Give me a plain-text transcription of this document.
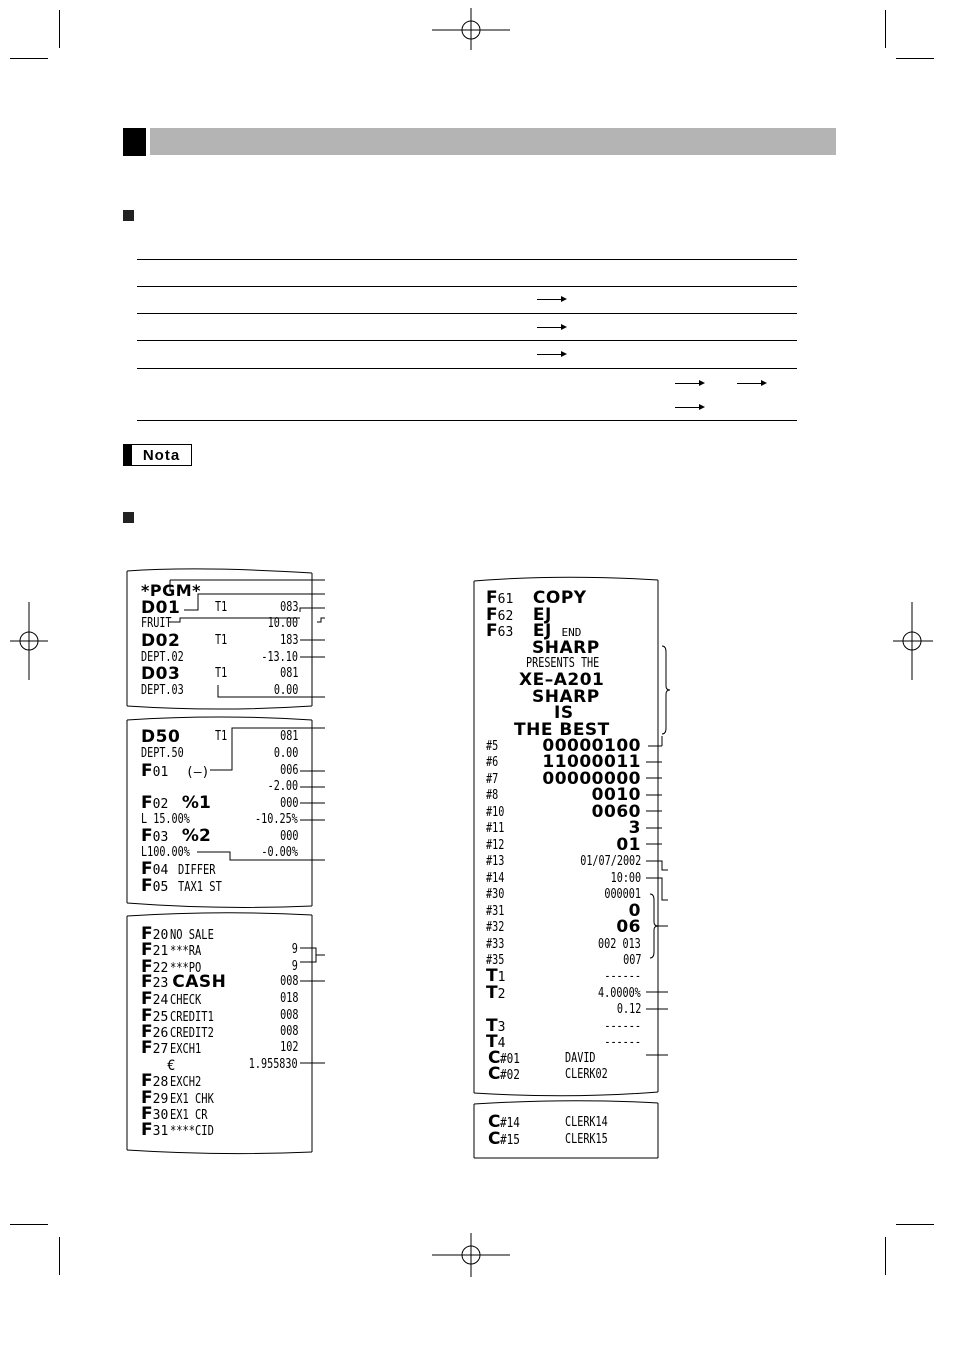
Nota
*PGM*
D01	T1	083
FRUIT	10.00
D02	T1	183
DEPT.02	-13.10
D03	T1	081
DEPT.03	0.00
D50	T1	081
DEPT.50	0.00
F01 (–)	006
-2.00
F02 %1	000
L 15.00%	-10.25%
F03 %2	000
L100.00%	-0.00%
F04 DIFFER
F05 TAX1 ST
F20 NO SALE
F21 ***RA	9
F22 ***PO	9
F23 CASH	008
F24 CHECK	018
F25 CREDIT1	008
F26 CREDIT2	008
F27 EXCH1	102
€	1.955830
F28 EXCH2
F29 EX1 CHK
F30 EX1 CR
F31 ****CID
F61 COPY
F62 EJ
F63 EJ END
SHARP
PRESENTS THE
XE–A201
SHARP
IS
THE BEST
#5	00000100
#6	11000011
#7	00000000
#8	0010
#10	0060
#11	3
#12	01
#13	01/07/2002
#14	10:00
#30	000001
#31	0
#32	06
#33	002 013
#35	007
T1	------
T2	4.0000%
0.12
T3	------
T4	------
C#01	DAVID
C#02	CLERK02
C#14	CLERK14
C#15	CLERK15
